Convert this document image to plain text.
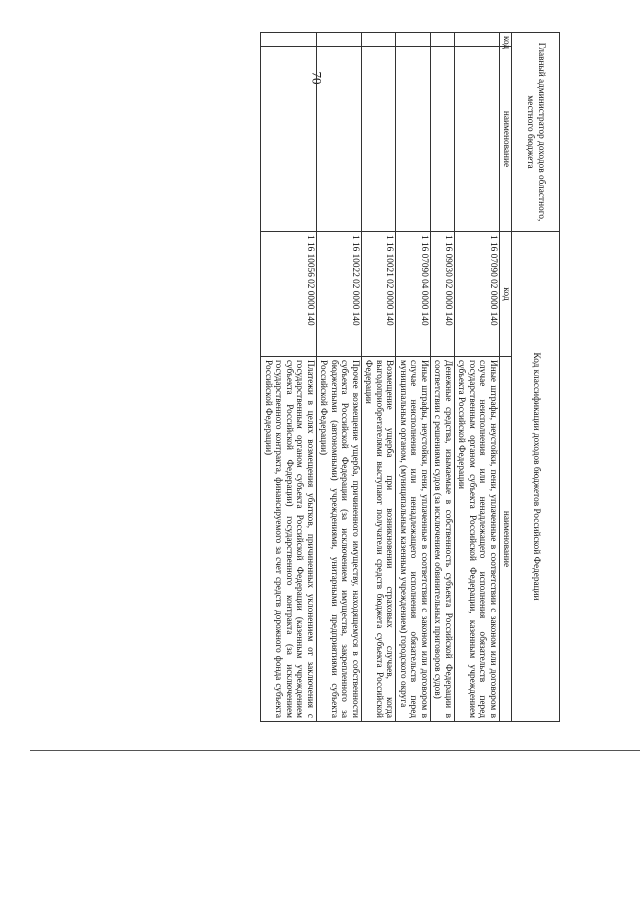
70	Главный администратор доходов областного, местного бюджета		Код классификации доходов бюджетов Российской Федерации	
код	наименование	код	наименование
		1 16 07090 02 0000 140	Иные штрафы, неустойки, пени, уплаченные в соответствии с законом или договором в случае неисполнения или ненадлежащего исполнения обязательств перед государственным органом субъекта Российской Федерации, казенным учреждением субъекта Российской Федерации
		1 16 09030 02 0000 140	Денежные средства, изымаемые в собственность субъекта Российской Федерации в соответствии с решениями судов (за исключением обвинительных приговоров судов)
		1 16 07090 04 0000 140	Иные штрафы, неустойки, пени, уплаченные в соответствии с законом или договором в случае неисполнения или ненадлежащего исполнения обязательств перед муниципальным органом, (муниципальным казенным учреждением) городского округа
		1 16 10021 02 0000 140	Возмещение ущерба при возникновении страховых случаев, когда выгодоприобретателями выступают получатели средств бюджета субъекта Российской Федерации
		1 16 10022 02 0000 140	Прочее возмещение ущерба, причиненного имуществу, находящемуся в собственности субъекта Российской Федерации (за исключением имущества, закрепленного за бюджетными (автономными) учреждениями, унитарными предприятиями субъекта Российской Федерации)
		1 16 10056 02 0000 140	Платежи в целях возмещения убытков, причиненных уклонением от заключения с государственным органом субъекта Российской Федерации (казенным учреждением субъекта Российской Федерации) государственного контракта (за исключением государственного контракта, финансируемого за счет средств дорожного фонда субъекта Российской Федерации)
